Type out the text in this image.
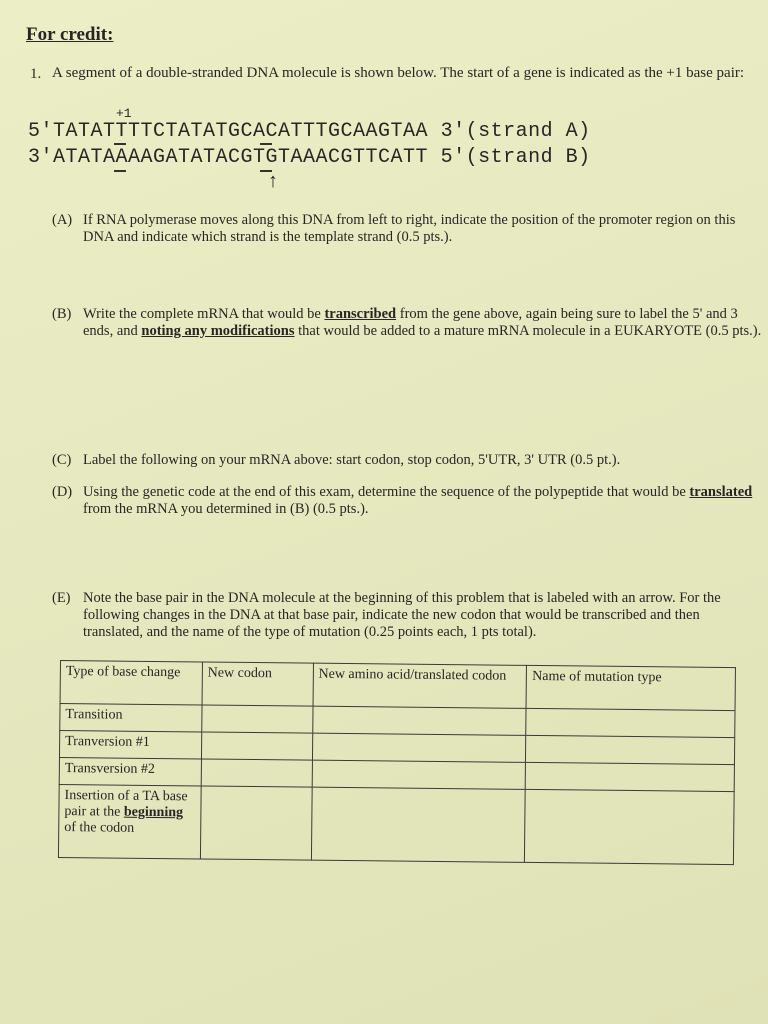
For credit:
1. A segment of a double-stranded DNA molecule is shown below. The start of a gene is indicated as the +1 base pair:
+1
5'TATATTTTCTATATGCACATTTGCAAGTAA 3'(strand A)
3'ATATAAAAGATATACGTGTAAACGTTCATT 5'(strand B)
↑
(A) If RNA polymerase moves along this DNA from left to right, indicate the position of the promoter region on this DNA and indicate which strand is the template strand (0.5 pts.).
(B) Write the complete mRNA that would be transcribed from the gene above, again being sure to label the 5' and 3 ends, and noting any modifications that would be added to a mature mRNA molecule in a EUKARYOTE (0.5 pts.).
(C) Label the following on your mRNA above: start codon, stop codon, 5'UTR, 3' UTR (0.5 pt.).
(D) Using the genetic code at the end of this exam, determine the sequence of the polypeptide that would be translated from the mRNA you determined in (B) (0.5 pts.).
(E) Note the base pair in the DNA molecule at the beginning of this problem that is labeled with an arrow. For the following changes in the DNA at that base pair, indicate the new codon that would be transcribed and then translated, and the name of the type of mutation (0.25 points each, 1 pts total).
Type of base change	New codon	New amino acid/translated codon	Name of mutation type
Transition			
Tranversion #1			
Transversion #2			
Insertion of a TA base pair at the beginning of the codon			
